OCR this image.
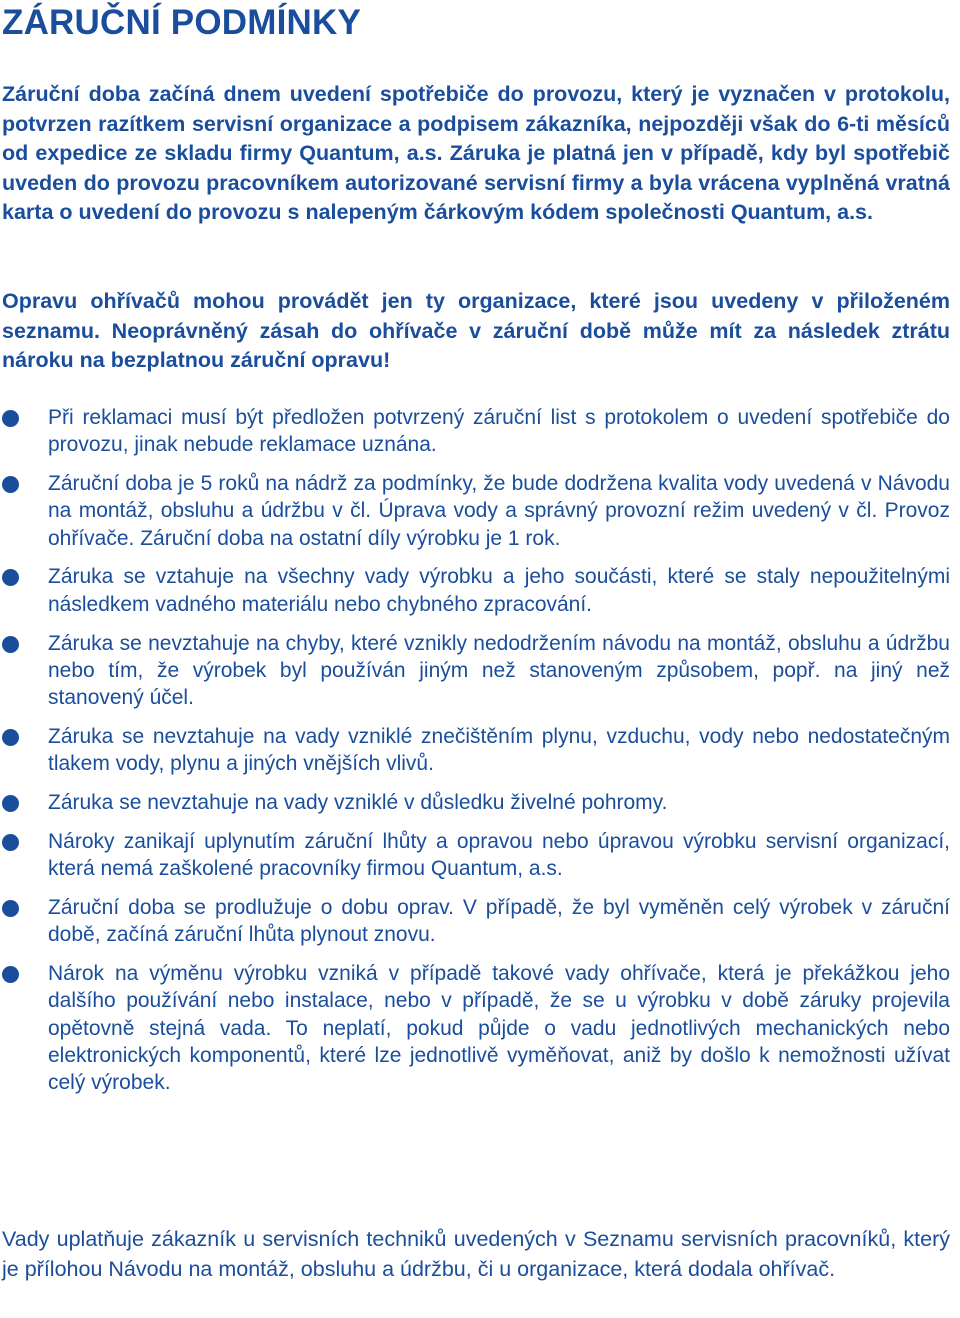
ZÁRUČNÍ PODMÍNKY

Záruční doba začíná dnem uvedení spotřebiče do provozu, který je vyznačen v protokolu, potvrzen razítkem servisní organizace a podpisem zákazníka, nejpozději však do 6-ti měsíců od expedice ze skladu firmy Quantum, a.s. Záruka je platná jen v případě, kdy byl spotřebič uveden do provozu pracovníkem autorizované servisní firmy a byla vrácena vyplněná vratná karta o uvedení do provozu s nalepeným čárkovým kódem společnosti Quantum, a.s.

Opravu ohřívačů mohou provádět jen ty organizace, které jsou uvedeny v přiloženém seznamu. Neoprávněný zásah do ohřívače v záruční době může mít za následek ztrátu nároku na bezplatnou záruční opravu!

Při reklamaci musí být předložen potvrzený záruční list s protokolem o uvedení spotřebiče do provozu, jinak nebude reklamace uznána.
Záruční doba je 5 roků na nádrž za podmínky, že bude dodržena kvalita vody uvedená v Návodu na montáž, obsluhu a údržbu v čl. Úprava vody a správný provozní režim uvedený v čl. Provoz ohřívače. Záruční doba na ostatní díly výrobku je 1 rok.
Záruka se vztahuje na všechny vady výrobku a jeho součásti, které se staly nepoužitelnými následkem vadného materiálu nebo chybného zpracování.
Záruka se nevztahuje na chyby, které vznikly nedodržením návodu na montáž, obsluhu a údržbu nebo tím, že výrobek byl používán jiným než stanoveným způsobem, popř. na jiný než stanovený účel.
Záruka se nevztahuje na vady vzniklé znečištěním plynu, vzduchu, vody nebo nedostatečným tlakem vody, plynu a jiných vnějších vlivů.
Záruka se nevztahuje na vady vzniklé v důsledku živelné pohromy.
Nároky zanikají uplynutím záruční lhůty a opravou nebo úpravou výrobku servisní organizací, která nemá zaškolené pracovníky firmou Quantum, a.s.
Záruční doba se prodlužuje o dobu oprav. V případě, že byl vyměněn celý výrobek v záruční době, začíná záruční lhůta plynout znovu.
Nárok na výměnu výrobku vzniká v případě takové vady ohřívače, která je překážkou jeho dalšího používání nebo instalace, nebo v případě, že se u výrobku v době záruky projevila opětovně stejná vada. To neplatí, pokud půjde o vadu jednotlivých mechanických nebo elektronických komponentů, které lze jednotlivě vyměňovat, aniž by došlo k nemožnosti užívat celý výrobek.

Vady uplatňuje zákazník u servisních techniků uvedených v Seznamu servisních pracovníků, který je přílohou Návodu na montáž, obsluhu a údržbu, či u organizace, která dodala ohřívač.
